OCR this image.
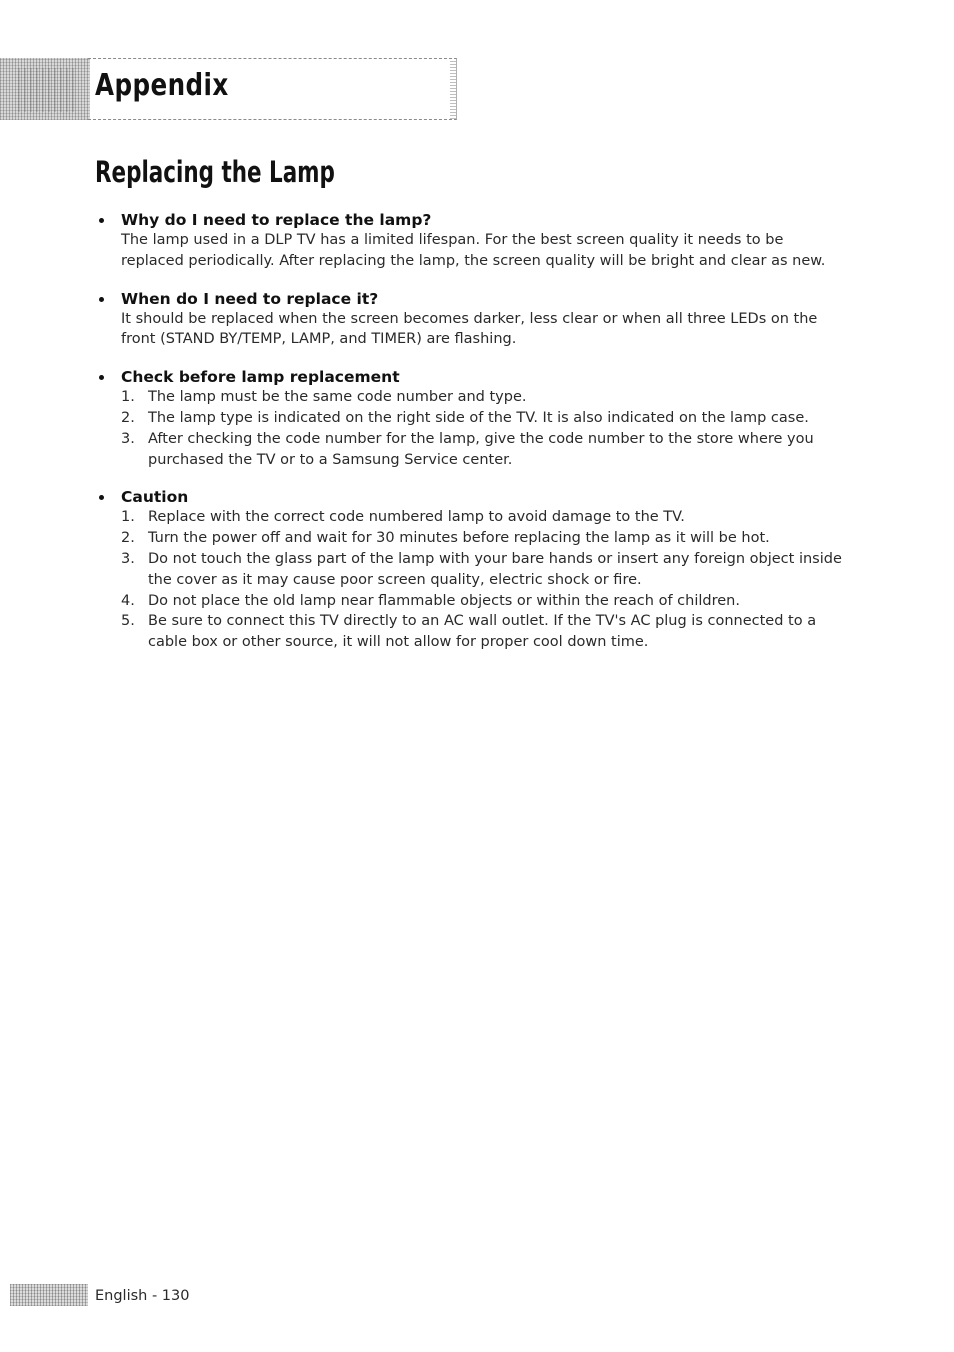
Appendix
Replacing the Lamp
Why do I need to replace the lamp?
The lamp used in a DLP TV has a limited lifespan. For the best screen quality it needs to be
replaced periodically. After replacing the lamp, the screen quality will be bright and clear as new.
When do I need to replace it?
It should be replaced when the screen becomes darker, less clear or when all three LEDs on the
front (STAND BY/TEMP, LAMP, and TIMER) are flashing.
Check before lamp replacement
1. The lamp must be the same code number and type.
2. The lamp type is indicated on the right side of the TV. It is also indicated on the lamp case.
3. After checking the code number for the lamp, give the code number to the store where you
purchased the TV or to a Samsung Service center.
Caution
1. Replace with the correct code numbered lamp to avoid damage to the TV.
2. Turn the power off and wait for 30 minutes before replacing the lamp as it will be hot.
3. Do not touch the glass part of the lamp with your bare hands or insert any foreign object inside
the cover as it may cause poor screen quality, electric shock or fire.
4. Do not place the old lamp near flammable objects or within the reach of children.
5. Be sure to connect this TV directly to an AC wall outlet. If the TV's AC plug is connected to a
cable box or other source, it will not allow for proper cool down time.
English - 130
